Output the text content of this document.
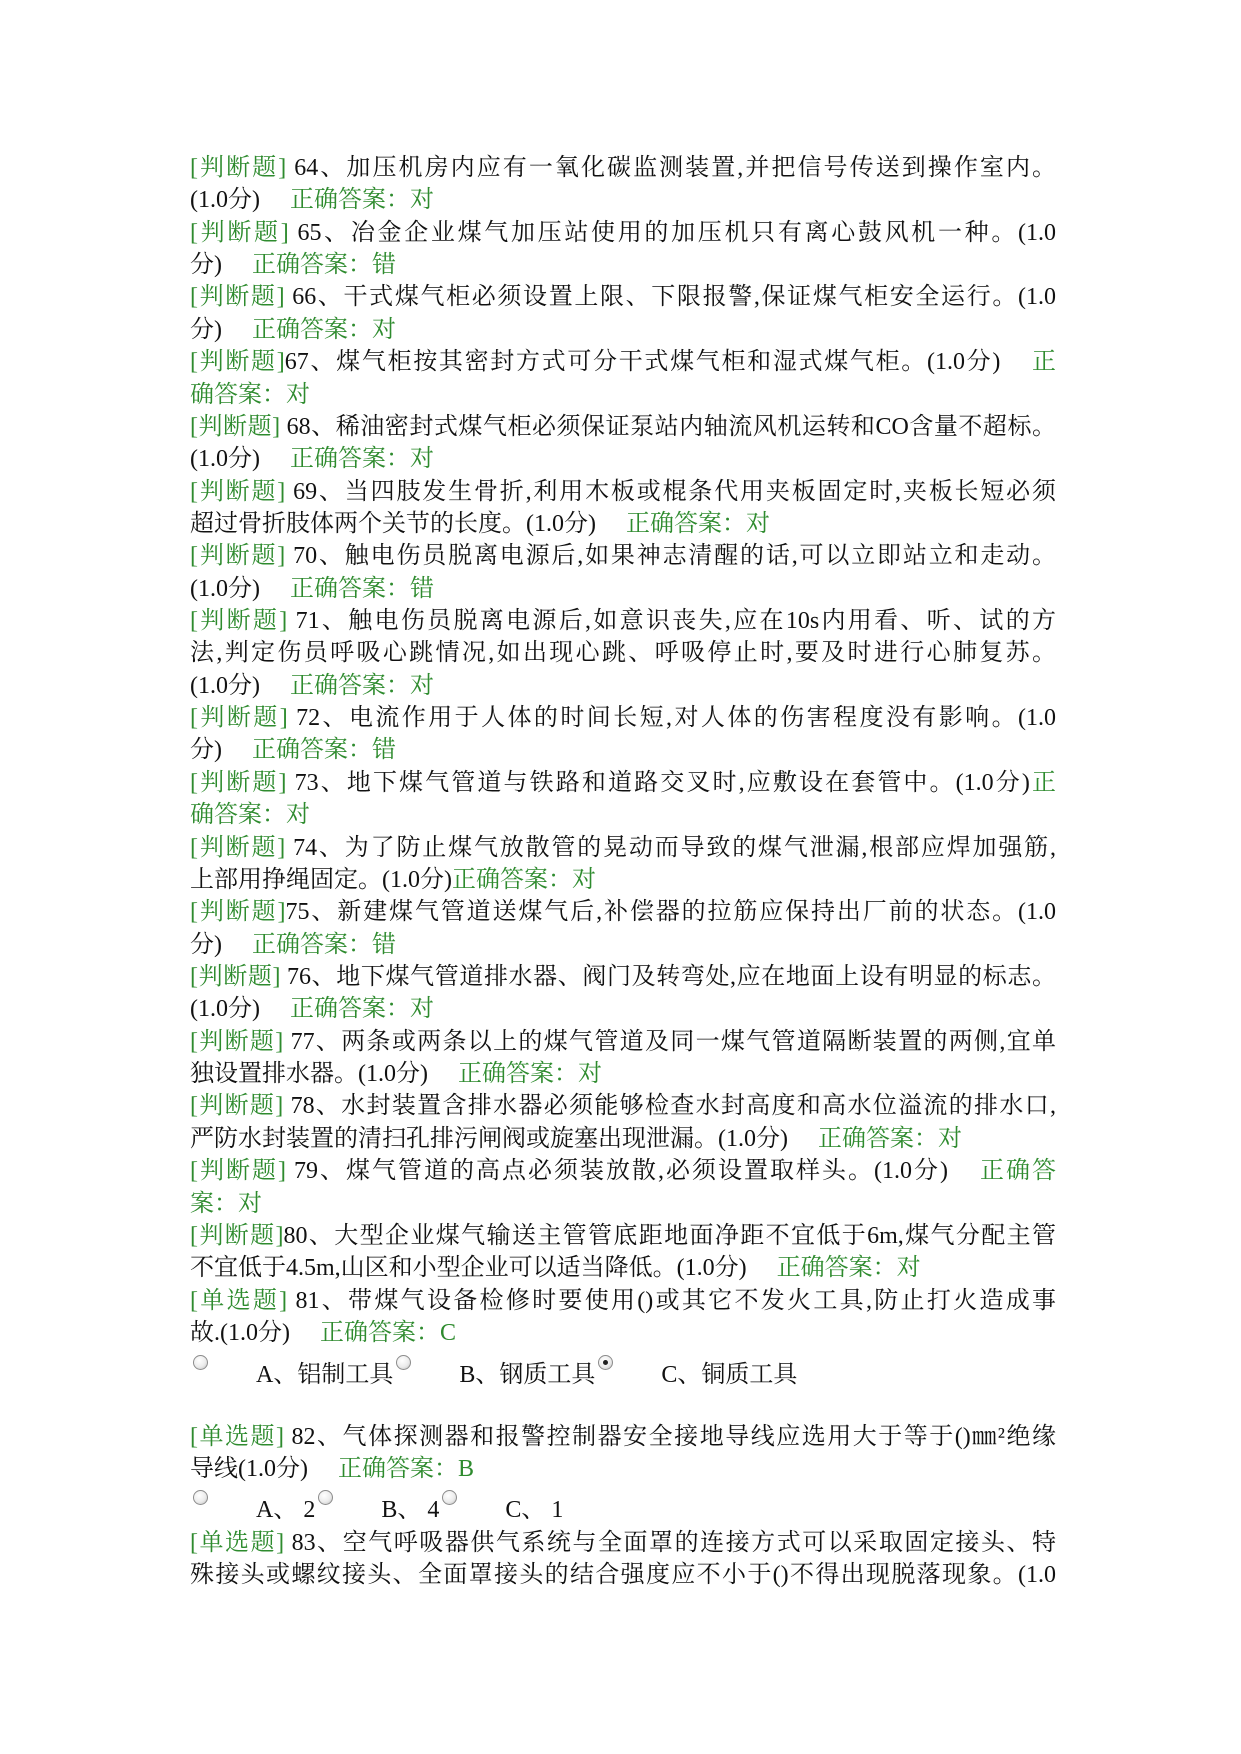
[判断题] 64、加压机房内应有一氧化碳监测装置,并把信号传送到操作室内。
(1.0分) 正确答案：对
[判断题] 65、冶金企业煤气加压站使用的加压机只有离心鼓风机一种。(1.0
分) 正确答案：错
[判断题] 66、干式煤气柜必须设置上限、下限报警,保证煤气柜安全运行。(1.0
分) 正确答案：对
[判断题]67、煤气柜按其密封方式可分干式煤气柜和湿式煤气柜。(1.0分) 正
确答案：对
[判断题] 68、稀油密封式煤气柜必须保证泵站内轴流风机运转和CO含量不超标。
(1.0分) 正确答案：对
[判断题] 69、当四肢发生骨折,利用木板或棍条代用夹板固定时,夹板长短必须
超过骨折肢体两个关节的长度。(1.0分) 正确答案：对
[判断题] 70、触电伤员脱离电源后,如果神志清醒的话,可以立即站立和走动。
(1.0分) 正确答案：错
[判断题] 71、触电伤员脱离电源后,如意识丧失,应在10s内用看、听、试的方
法,判定伤员呼吸心跳情况,如出现心跳、呼吸停止时,要及时进行心肺复苏。
(1.0分) 正确答案：对
[判断题] 72、电流作用于人体的时间长短,对人体的伤害程度没有影响。(1.0
分) 正确答案：错
[判断题] 73、地下煤气管道与铁路和道路交叉时,应敷设在套管中。(1.0分)正
确答案：对
[判断题] 74、为了防止煤气放散管的晃动而导致的煤气泄漏,根部应焊加强筋,
上部用挣绳固定。(1.0分)正确答案：对
[判断题]75、新建煤气管道送煤气后,补偿器的拉筋应保持出厂前的状态。(1.0
分) 正确答案：错
[判断题] 76、地下煤气管道排水器、阀门及转弯处,应在地面上设有明显的标志。
(1.0分) 正确答案：对
[判断题] 77、两条或两条以上的煤气管道及同一煤气管道隔断装置的两侧,宜单
独设置排水器。(1.0分) 正确答案：对
[判断题] 78、水封装置含排水器必须能够检查水封高度和高水位溢流的排水口,
严防水封装置的清扫孔排污闸阀或旋塞出现泄漏。(1.0分) 正确答案：对
[判断题] 79、煤气管道的高点必须装放散,必须设置取样头。(1.0分) 正确答
案：对
[判断题]80、大型企业煤气输送主管管底距地面净距不宜低于6m,煤气分配主管
不宜低于4.5m,山区和小型企业可以适当降低。(1.0分) 正确答案：对
[单选题] 81、带煤气设备检修时要使用()或其它不发火工具,防止打火造成事
故.(1.0分) 正确答案：C
A、铝制工具	B、钢质工具	C、铜质工具
[单选题] 82、气体探测器和报警控制器安全接地导线应选用大于等于()㎜²绝缘
导线(1.0分) 正确答案：B
A、 2	B、 4	C、 1
[单选题] 83、空气呼吸器供气系统与全面罩的连接方式可以采取固定接头、特
殊接头或螺纹接头、全面罩接头的结合强度应不小于()不得出现脱落现象。(1.0
